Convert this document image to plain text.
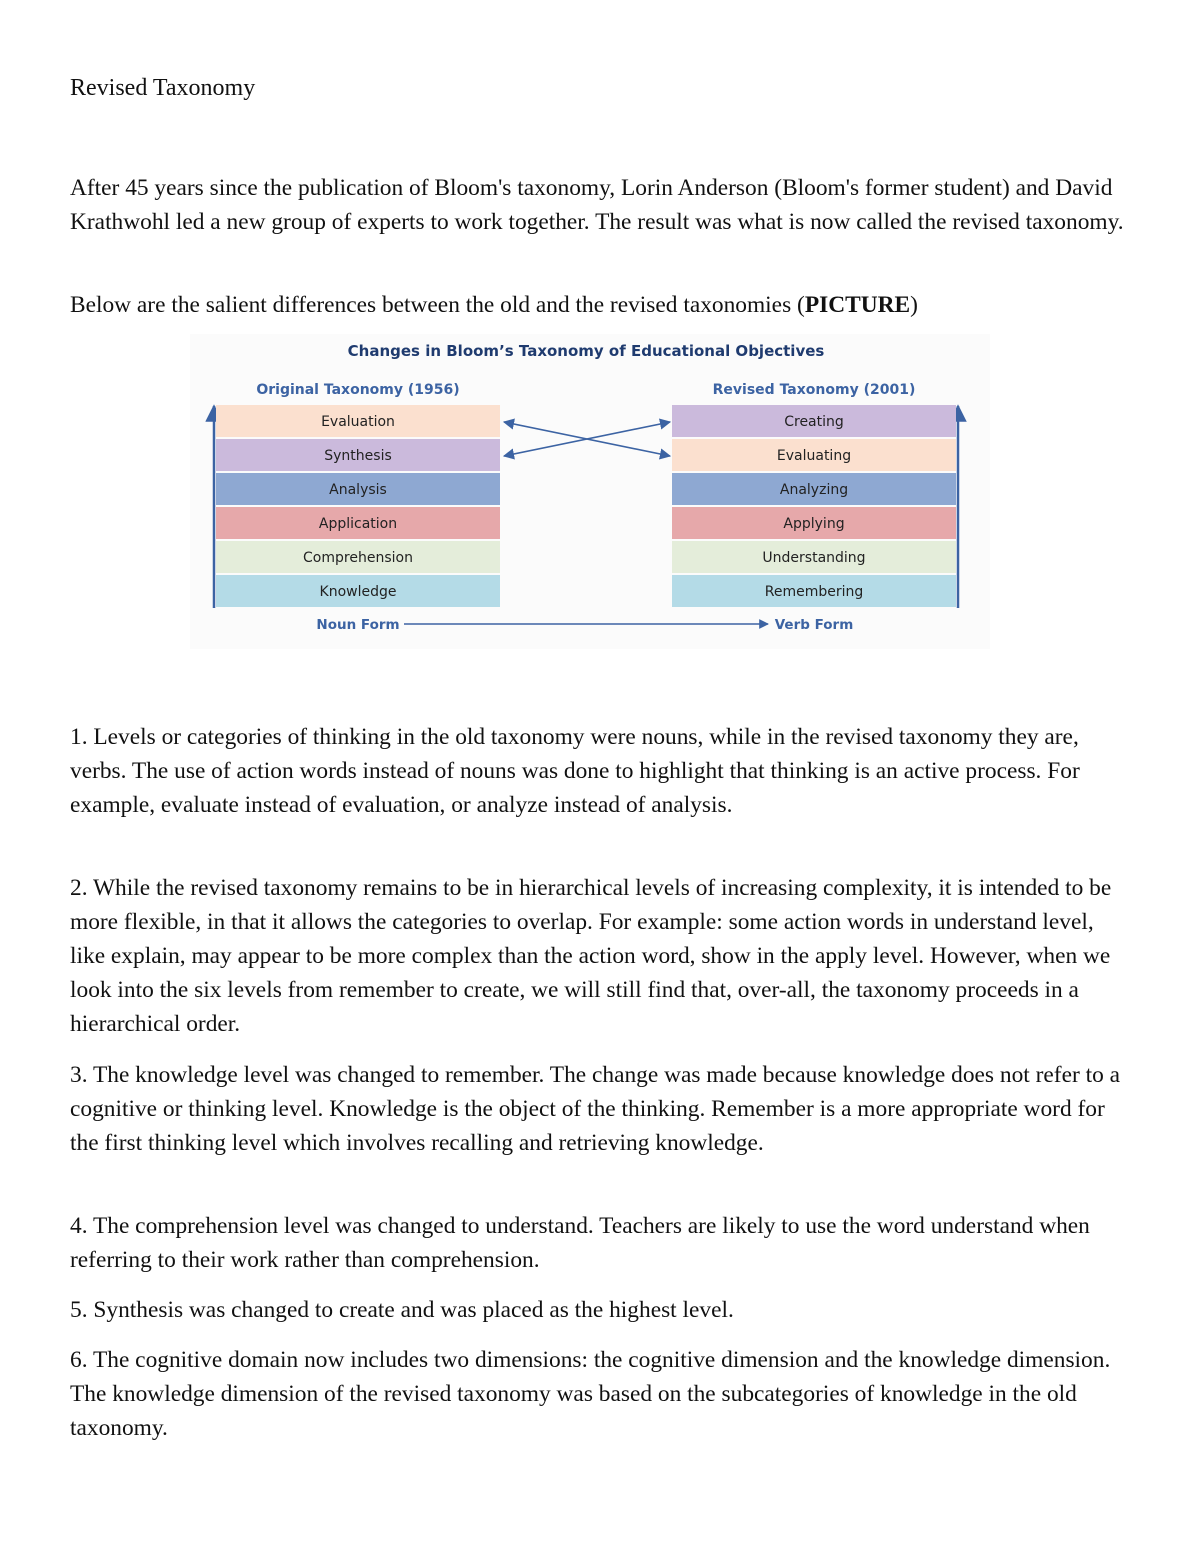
Revised Taxonomy

After 45 years since the publication of Bloom's taxonomy, Lorin Anderson (Bloom's former student) and David Krathwohl led a new group of experts to work together. The result was what is now called the revised taxonomy.

Below are the salient differences between the old and the revised taxonomies (PICTURE)

Changes in Bloom’s Taxonomy of Educational Objectives
Original Taxonomy (1956)	Revised Taxonomy (2001)
Evaluation
Synthesis
Analysis
Application
Comprehension
Knowledge
Creating
Evaluating
Analyzing
Applying
Understanding
Remembering
Noun Form	Verb Form

1. Levels or categories of thinking in the old taxonomy were nouns, while in the revised taxonomy they are, verbs. The use of action words instead of nouns was done to highlight that thinking is an active process. For example, evaluate instead of evaluation, or analyze instead of analysis.

2. While the revised taxonomy remains to be in hierarchical levels of increasing complexity, it is intended to be more flexible, in that it allows the categories to overlap. For example: some action words in understand level, like explain, may appear to be more complex than the action word, show in the apply level. However, when we look into the six levels from remember to create, we will still find that, over-all, the taxonomy proceeds in a hierarchical order.

3. The knowledge level was changed to remember. The change was made because knowledge does not refer to a cognitive or thinking level. Knowledge is the object of the thinking. Remember is a more appropriate word for the first thinking level which involves recalling and retrieving knowledge.

4. The comprehension level was changed to understand. Teachers are likely to use the word understand when referring to their work rather than comprehension.

5. Synthesis was changed to create and was placed as the highest level.

6. The cognitive domain now includes two dimensions: the cognitive dimension and the knowledge dimension. The knowledge dimension of the revised taxonomy was based on the subcategories of knowledge in the old taxonomy.
